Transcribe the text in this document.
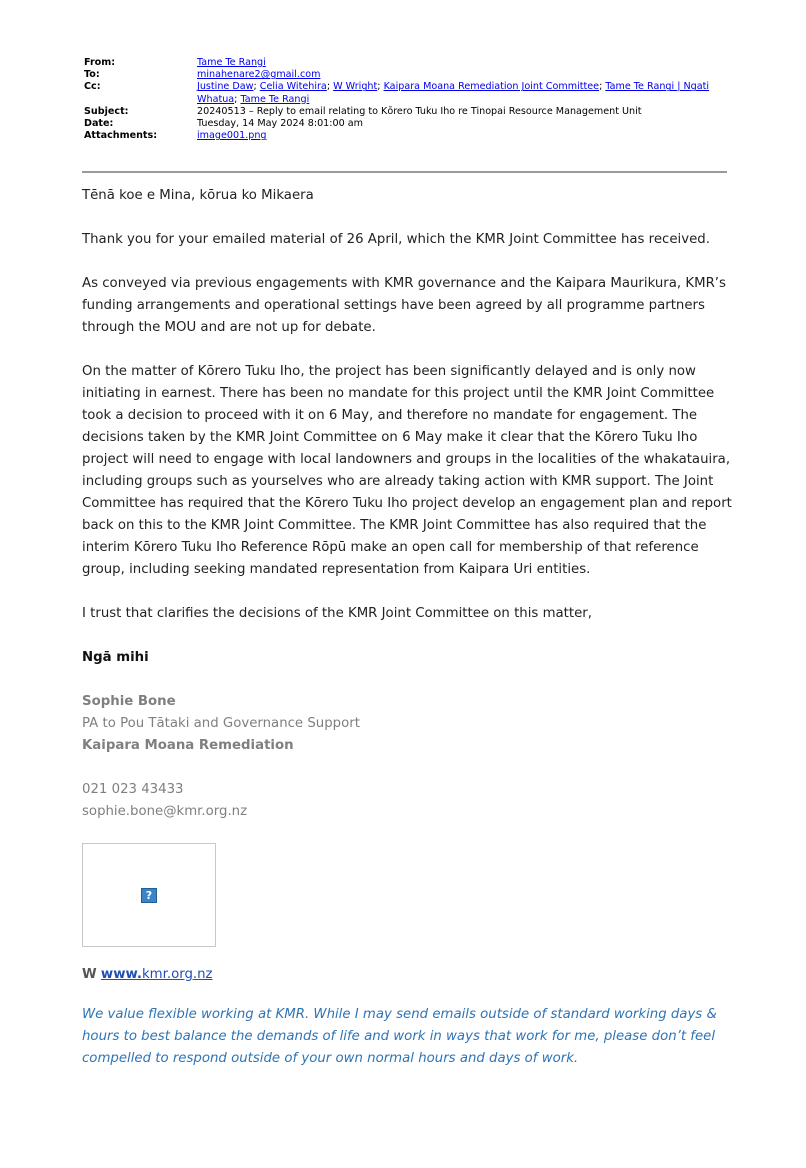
From:	Tame Te Rangi
To:	minahenare2@gmail.com
Cc:	Justine Daw; Celia Witehira; W Wright; Kaipara Moana Remediation Joint Committee; Tame Te Rangi | Ngati Whatua; Tame Te Rangi
Subject:	20240513 – Reply to email relating to Kōrero Tuku Iho re Tinopai Resource Management Unit
Date:	Tuesday, 14 May 2024 8:01:00 am
Attachments:	image001.png

Tēnā koe e Mina, kōrua ko Mikaera

Thank you for your emailed material of 26 April, which the KMR Joint Committee has received.

As conveyed via previous engagements with KMR governance and the Kaipara Maurikura, KMR’s funding arrangements and operational settings have been agreed by all programme partners through the MOU and are not up for debate.

On the matter of Kōrero Tuku Iho, the project has been significantly delayed and is only now initiating in earnest. There has been no mandate for this project until the KMR Joint Committee took a decision to proceed with it on 6 May, and therefore no mandate for engagement. The decisions taken by the KMR Joint Committee on 6 May make it clear that the Kōrero Tuku Iho project will need to engage with local landowners and groups in the localities of the whakatauira, including groups such as yourselves who are already taking action with KMR support. The Joint Committee has required that the Kōrero Tuku Iho project develop an engagement plan and report back on this to the KMR Joint Committee. The KMR Joint Committee has also required that the interim Kōrero Tuku Iho Reference Rōpū make an open call for membership of that reference group, including seeking mandated representation from Kaipara Uri entities.

I trust that clarifies the decisions of the KMR Joint Committee on this matter,

Ngā mihi

Sophie Bone

PA to Pou Tātaki and Governance Support

Kaipara Moana Remediation

021 023 43433

sophie.bone@kmr.org.nz

?
W www.kmr.org.nz

We value flexible working at KMR. While I may send emails outside of standard working days & hours to best balance the demands of life and work in ways that work for me, please don’t feel compelled to respond outside of your own normal hours and days of work.
